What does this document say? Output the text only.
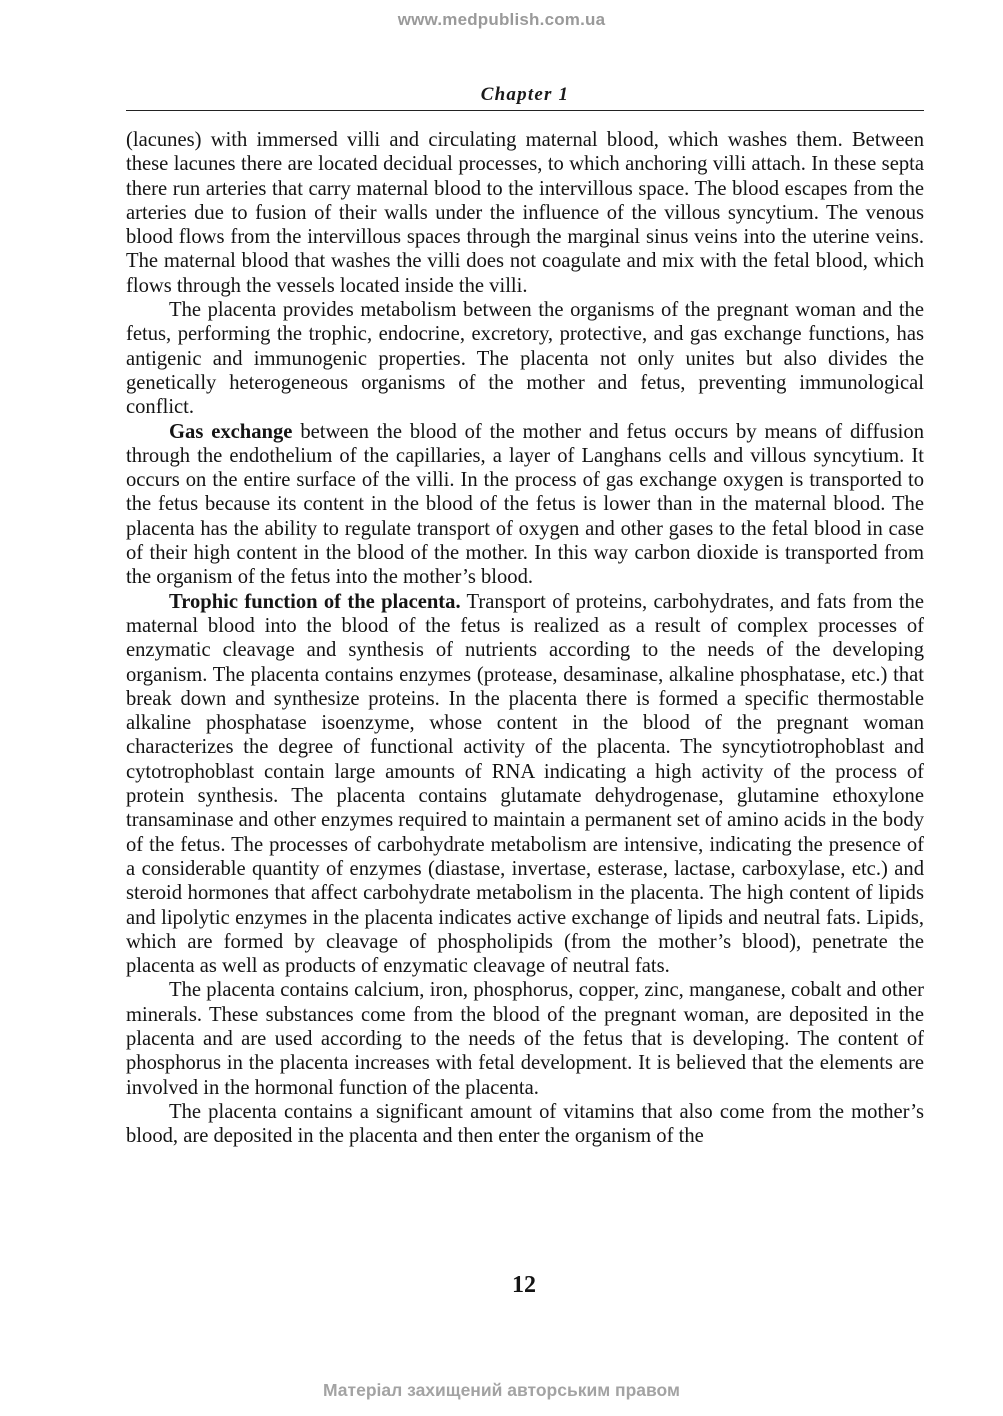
www.medpublish.com.ua
Chapter 1

(lacunes) with immersed villi and circulating maternal blood, which washes them. Between these lacunes there are located decidual processes, to which anchoring villi attach. In these septa there run arteries that carry maternal blood to the intervillous space. The blood escapes from the arteries due to fusion of their walls under the influence of the villous syncytium. The venous blood flows from the intervillous spaces through the marginal sinus veins into the uterine veins. The maternal blood that washes the villi does not coagulate and mix with the fetal blood, which flows through the vessels located inside the villi.

The placenta provides metabolism between the organisms of the pregnant woman and the fetus, performing the trophic, endocrine, excretory, protective, and gas exchange functions, has antigenic and immunogenic properties. The placenta not only unites but also divides the genetically heterogeneous organisms of the mother and fetus, preventing immunological conflict.

Gas exchange between the blood of the mother and fetus occurs by means of diffusion through the endothelium of the capillaries, a layer of Langhans cells and villous syncytium. It occurs on the entire surface of the villi. In the process of gas exchange oxygen is transported to the fetus because its content in the blood of the fetus is lower than in the maternal blood. The placenta has the ability to regulate transport of oxygen and other gases to the fetal blood in case of their high content in the blood of the mother. In this way carbon dioxide is transported from the organism of the fetus into the mother’s blood.

Trophic function of the placenta. Transport of proteins, carbohydrates, and fats from the maternal blood into the blood of the fetus is realized as a result of complex processes of enzymatic cleavage and synthesis of nutrients according to the needs of the developing organism. The placenta contains enzymes (protease, desaminase, alkaline phosphatase, etc.) that break down and synthesize proteins. In the placenta there is formed a specific thermostable alkaline phosphatase isoenzyme, whose content in the blood of the pregnant woman characterizes the degree of functional activity of the placenta. The syncytiotrophoblast and cytotrophoblast contain large amounts of RNA indicating a high activity of the process of protein synthesis. The placenta contains glutamate dehydrogenase, glutamine ethoxylone transaminase and other enzymes required to maintain a permanent set of amino acids in the body of the fetus. The processes of carbohydrate metabolism are intensive, indicating the presence of a considerable quantity of enzymes (diastase, invertase, esterase, lactase, carboxylase, etc.) and steroid hormones that affect carbohydrate metabolism in the placenta. The high content of lipids and lipolytic enzymes in the placenta indicates active exchange of lipids and neutral fats. Lipids, which are formed by cleavage of phospholipids (from the mother’s blood), penetrate the placenta as well as products of enzymatic cleavage of neutral fats.

The placenta contains calcium, iron, phosphorus, copper, zinc, manganese, cobalt and other minerals. These substances come from the blood of the pregnant woman, are deposited in the placenta and are used according to the needs of the fetus that is developing. The content of phosphorus in the placenta increases with fetal development. It is believed that the elements are involved in the hormonal function of the placenta.

The placenta contains a significant amount of vitamins that also come from the mother’s blood, are deposited in the placenta and then enter the organism of the

12
Матеріал захищений авторським правом
